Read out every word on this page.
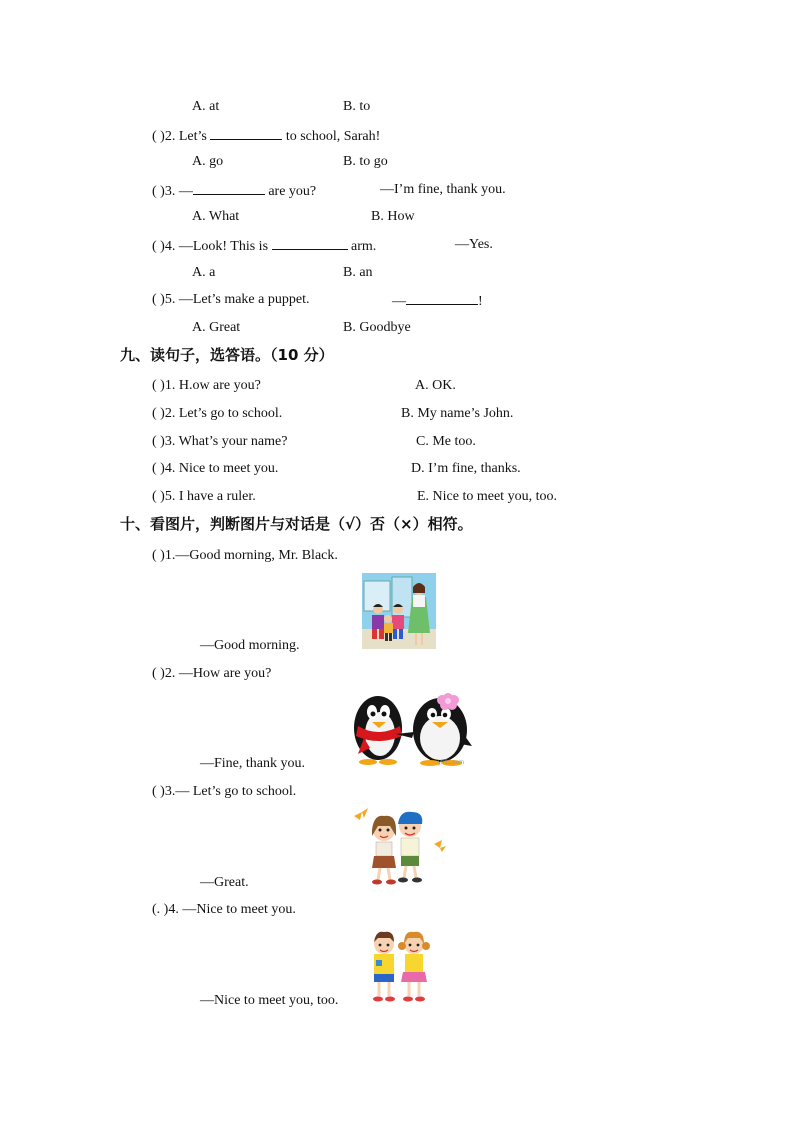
A. at	B. to
( )2. Let’s	to school, Sarah!
A. go	B. to go
( )3. —	are you?	—I’m fine, thank you.
A. What	B. How
( )4. —Look! This is	arm.	—Yes.
A. a	B. an
( )5. —Let’s make a puppet.	—	!
A. Great	B. Goodbye
九、读句子，选答语。（10 分）
( )1. H.ow are you?	A. OK.
( )2. Let’s go to school.	B. My name’s John.
( )3. What’s your name?	C. Me too.
( )4. Nice to meet you.	D. I’m fine, thanks.
( )5. I have a ruler.	E. Nice to meet you, too.
十、看图片，判断图片与对话是（√）否（×）相符。
( )1.—Good morning, Mr. Black.
—Good morning.
( )2. —How are you?
yh31.com
—Fine, thank you.
( )3.— Let’s go to school.
—Great.
(. )4. —Nice to meet you.
—Nice to meet you, too.
